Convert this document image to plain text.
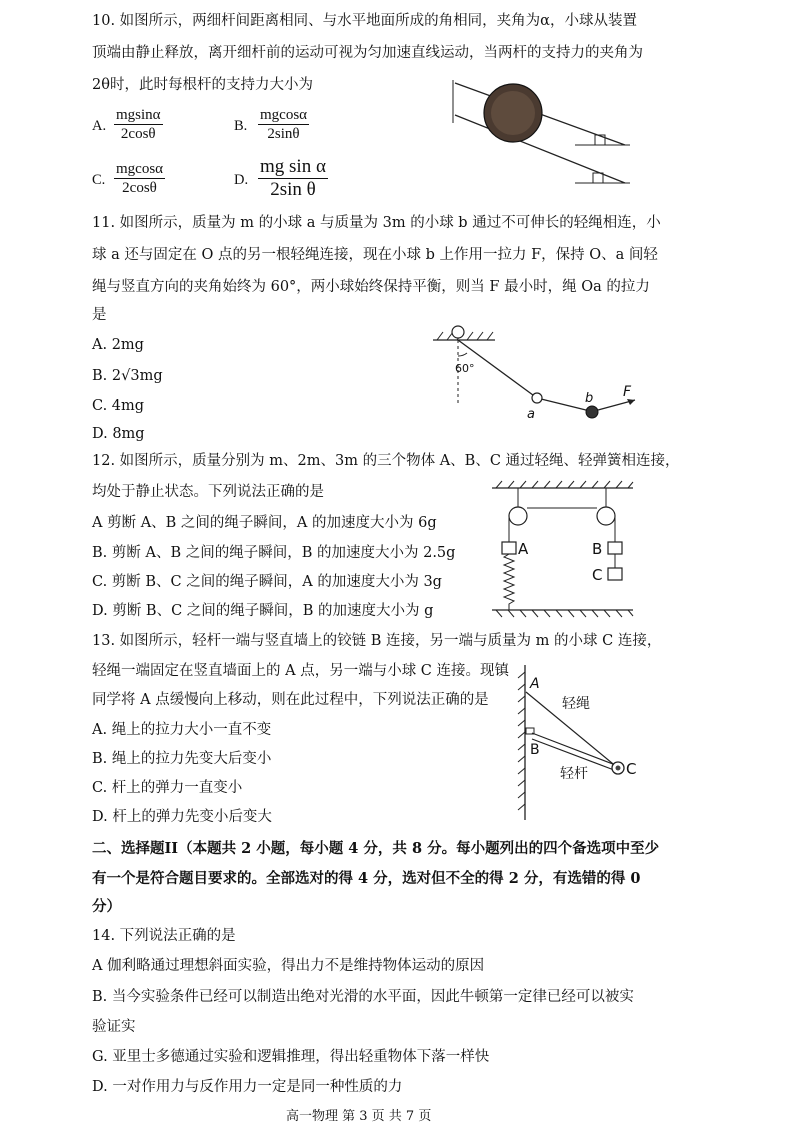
10. 如图所示，两细杆间距离相同、与水平地面所成的角相同，夹角为α，小球从装置
顶端由静止释放，离开细杆前的运动可视为匀加速直线运动，当两杆的支持力的夹角为
2θ时，此时每根杆的支持力大小为
A. $\frac{mgsin\alpha}{2\cos\theta}$	B. $\frac{mgcos\alpha}{2\sin\theta}$
C. $\frac{mgcos\alpha}{2\cos\theta}$	D. $\frac{\text{mg sin α}}{\text{2sin θ}}$
11. 如图所示，质量为 m 的小球 a 与质量为 3m 的小球 b 通过不可伸长的轻绳相连，小
球 a 还与固定在 O 点的另一根轻绳连接，现在小球 b 上作用一拉力 F，保持 O、a 间轻
绳与竖直方向的夹角始终为 60°，两小球始终保持平衡，则当 F 最小时，绳 Oa 的拉力
是
A. 2mg
B. 2√3mg
C. 4mg
D. 8mg
60°
a
b F
12. 如图所示，质量分别为 m、2m、3m 的三个物体 A、B、C 通过轻绳、轻弹簧相连接，
均处于静止状态。下列说法正确的是
A 剪断 A、B 之间的绳子瞬间，A 的加速度大小为 6g
B. 剪断 A、B 之间的绳子瞬间，B 的加速度大小为 2.5g
C. 剪断 B、C 之间的绳子瞬间，A 的加速度大小为 3g
D. 剪断 B、C 之间的绳子瞬间，B 的加速度大小为 g
A	B
C
13. 如图所示，轻杆一端与竖直墙上的铰链 B 连接，另一端与质量为 m 的小球 C 连接，
轻绳一端固定在竖直墙面上的 A 点，另一端与小球 C 连接。现镇
同学将 A 点缓慢向上移动，则在此过程中，下列说法正确的是
A. 绳上的拉力大小一直不变
B. 绳上的拉力先变大后变小
C. 杆上的弹力一直变小
D. 杆上的弹力先变小后变大
A
轻绳
B
轻杆	C
二、选择题II（本题共 2 小题，每小题 4 分，共 8 分。每小题列出的四个备选项中至少
有一个是符合题目要求的。全部选对的得 4 分，选对但不全的得 2 分，有选错的得 0
分）
14. 下列说法正确的是
A 伽利略通过理想斜面实验，得出力不是维持物体运动的原因
B. 当今实验条件已经可以制造出绝对光滑的水平面，因此牛顿第一定律已经可以被实
验证实
G. 亚里士多德通过实验和逻辑推理，得出轻重物体下落一样快
D. 一对作用力与反作用力一定是同一种性质的力
高一物理 第 3 页 共 7 页
